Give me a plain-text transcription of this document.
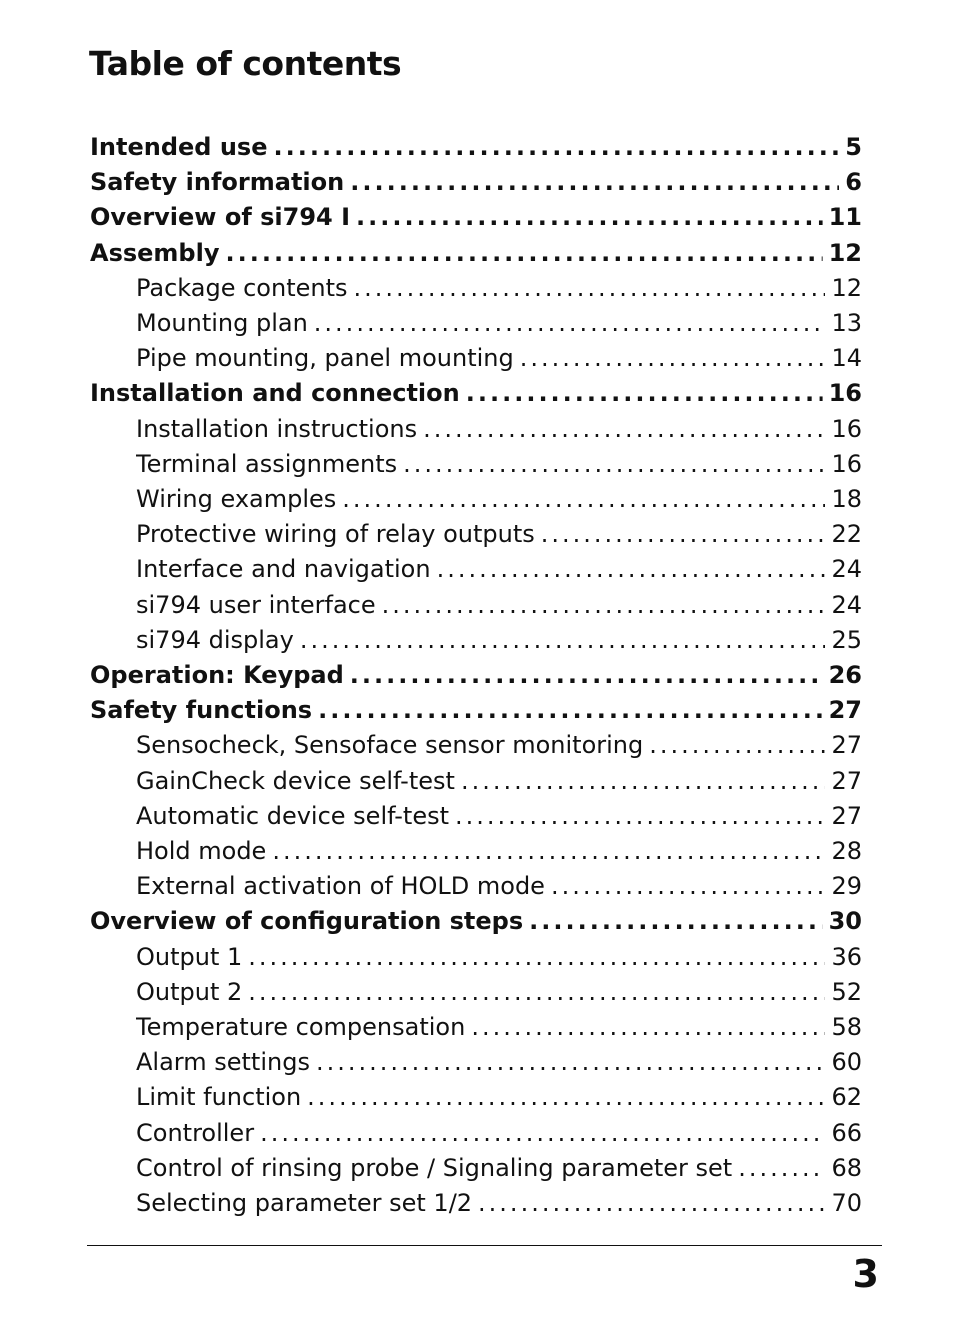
Table of contents
Intended use .....	5
Safety information .....	6
Overview of si794 I .....	11
Assembly .....	12
Package contents .....	12
Mounting plan .....	13
Pipe mounting, panel mounting .....	14
Installation and connection .....	16
Installation instructions .....	16
Terminal assignments .....	16
Wiring examples .....	18
Protective wiring of relay outputs .....	22
Interface and navigation .....	24
si794 user interface .....	24
si794 display .....	25
Operation: Keypad .....	26
Safety functions .....	27
Sensocheck, Sensoface sensor monitoring .....	27
GainCheck device self-test .....	27
Automatic device self-test .....	27
Hold mode .....	28
External activation of HOLD mode .....	29
Overview of configuration steps .....	30
Output 1 .....	36
Output 2 .....	52
Temperature compensation .....	58
Alarm settings .....	60
Limit function .....	62
Controller .....	66
Control of rinsing probe / Signaling parameter set .....	68
Selecting parameter set 1/2 .....	70
3
